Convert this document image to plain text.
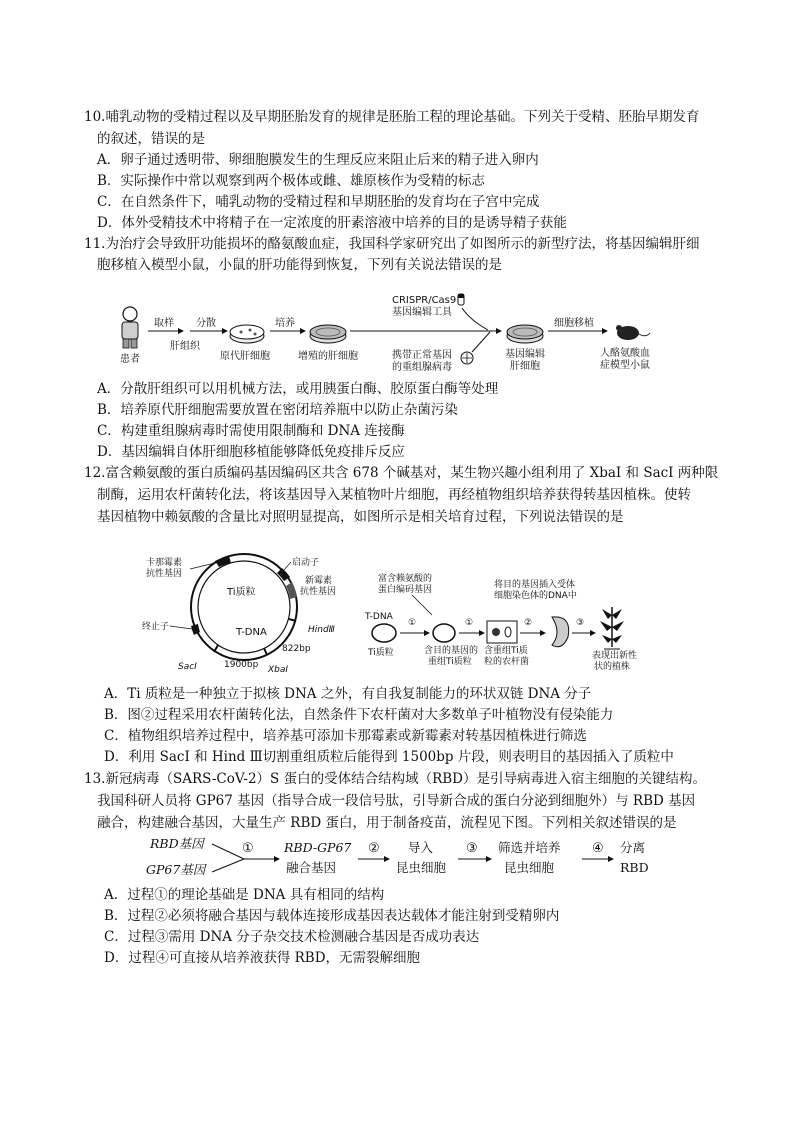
10.哺乳动物的受精过程以及早期胚胎发育的规律是胚胎工程的理论基础。下列关于受精、胚胎早期发育
的叙述，错误的是
A．卵子通过透明带、卵细胞膜发生的生理反应来阻止后来的精子进入卵内
B．实际操作中常以观察到两个极体或雌、雄原核作为受精的标志
C．在自然条件下，哺乳动物的受精过程和早期胚胎的发育均在子宫中完成
D．体外受精技术中将精子在一定浓度的肝素溶液中培养的目的是诱导精子获能
11.为治疗会导致肝功能损坏的酪氨酸血症，我国科学家研究出了如图所示的新型疗法，将基因编辑肝细
胞移植入模型小鼠，小鼠的肝功能得到恢复，下列有关说法错误的是
患者
取样
肝组织
分散
原代肝细胞
培养
增殖的肝细胞
CRISPR/Cas9
基因编辑工具
携带正常基因
的重组腺病毒
基因编辑
肝细胞
细胞移植
人酪氨酸血
症模型小鼠
A．分散肝组织可以用机械方法，或用胰蛋白酶、胶原蛋白酶等处理
B．培养原代肝细胞需要放置在密闭培养瓶中以防止杂菌污染
C．构建重组腺病毒时需使用限制酶和 DNA 连接酶
D．基因编辑自体肝细胞移植能够降低免疫排斥反应
12.富含赖氨酸的蛋白质编码基因编码区共含 678 个碱基对，某生物兴趣小组利用了 XbaI 和 SacI 两种限
制酶，运用农杆菌转化法，将该基因导入某植物叶片细胞，再经植物组织培养获得转基因植株。使转
基因植物中赖氨酸的含量比对照明显提高，如图所示是相关培育过程，下列说法错误的是
卡那霉素
抗性基因
启动子
新霉素
抗性基因
Ti质粒
T-DNA
终止子	HindⅢ
822bp
SacⅠ	1900bp XbaⅠ
富含赖氨酸的
蛋白编码基因
T-DNA
Ti质粒
①
含目的基因的
重组Ti质粒
①
含重组Ti质
粒的农杆菌
②
将目的基因插入受体
细胞染色体的DNA中
③
表现出新性
状的植株
A．Ti 质粒是一种独立于拟核 DNA 之外，有自我复制能力的环状双链 DNA 分子
B．图②过程采用农杆菌转化法，自然条件下农杆菌对大多数单子叶植物没有侵染能力
C．植物组织培养过程中，培养基可添加卡那霉素或新霉素对转基因植株进行筛选
D．利用 SacI 和 Hind Ⅲ切割重组质粒后能得到 1500bp 片段，则表明目的基因插入了质粒中
13.新冠病毒（SARS-CoV-2）S 蛋白的受体结合结构域（RBD）是引导病毒进入宿主细胞的关键结构。
我国科研人员将 GP67 基因（指导合成一段信号肽，引导新合成的蛋白分泌到细胞外）与 RBD 基因
融合，构建融合基因，大量生产 RBD 蛋白，用于制备疫苗，流程见下图。下列相关叙述错误的是
RBD基因
GP67基因
① RBD-GP67
融合基因
② 导入
昆虫细胞
③ 筛选并培养
昆虫细胞
④ 分离
RBD
A．过程①的理论基础是 DNA 具有相同的结构
B．过程②必须将融合基因与载体连接形成基因表达载体才能注射到受精卵内
C．过程③需用 DNA 分子杂交技术检测融合基因是否成功表达
D．过程④可直接从培养液获得 RBD，无需裂解细胞
